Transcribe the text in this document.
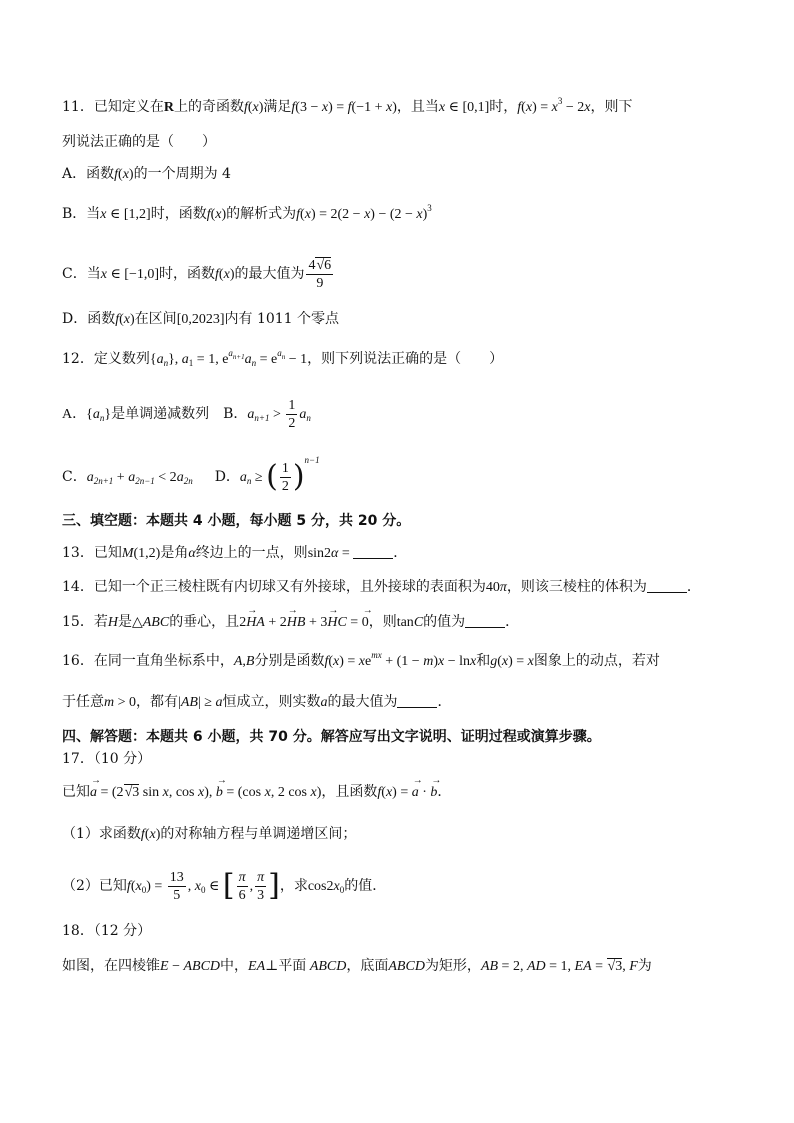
11．已知定义在R上的奇函数f(x)满足f(3 − x) = f(−1 + x)，且当x ∈ [0,1]时，$f(x) = x^3 - 2x$，则下
列说法正确的是（　　）
A．函数f(x)的一个周期为 4
B．当x ∈ [1,2]时，函数f(x)的解析式为$f(x) = 2(2 - x) - (2 - x)^3$
C．当x ∈ [−1,0]时，函数f(x)的最大值为 $\frac{4√6}{9}$
D．函数f(x)在区间[0,2023]内有 1011 个零点
12．定义数列$\{a_n\}$, $a_1 = 1$, $e^{a_{n+1}}a_n = e^{a_n} - 1$，则下列说法正确的是（　　）
A．$\{a_n\}$是单调递减数列 B．$a_{n+1} > \frac{1}{2} a_n$
C．$a_{2n+1} + a_{2n-1} < 2a_{2n}$ D．$a_n$ ≥ ( $\frac{1}{2} )^{n-1}$
三、填空题：本题共 4 小题，每小题 5 分，共 20 分。
13．已知M(1,2)是角α终边上的一点，则sin2α =	．
14．已知一个正三棱柱既有内切球又有外接球，且外接球的表面积为40π，则该三棱柱的体积为	．
15．若H是△ABC的垂心，且2→ HA + 2→ HB + 3→ HC = → 0，则tanC的值为	．
16．在同一直角坐标系中，A,B分别是函数$f(x) = xe^{mx} + (1 - m)x - \ln x$和g(x) = x图象上的动点，若对
于任意m > 0，都有|AB| ≥ a恒成立，则实数a的最大值为	．
四、解答题：本题共 6 小题，共 70 分。解答应写出文字说明、证明过程或演算步骤。
17．（10 分）
已知→ a = (2√3 sin x, cos x), → b = (cos x, 2 cos x)，且函数f(x) = → a · → b．
（1）求函数f(x)的对称轴方程与单调递增区间；
（2）已知$f(x_0) = \frac{13}{5}$ , $x_0$ ∈ [ $\frac{\pi}{6}$ , $\frac{\pi}{3}$ ]，求$\cos 2x_0$的值．
18．（12 分）
如图，在四棱锥E − ABCD中，EA⊥平面 ABCD，底面ABCD为矩形，AB = 2, AD = 1, EA = √3, F为
